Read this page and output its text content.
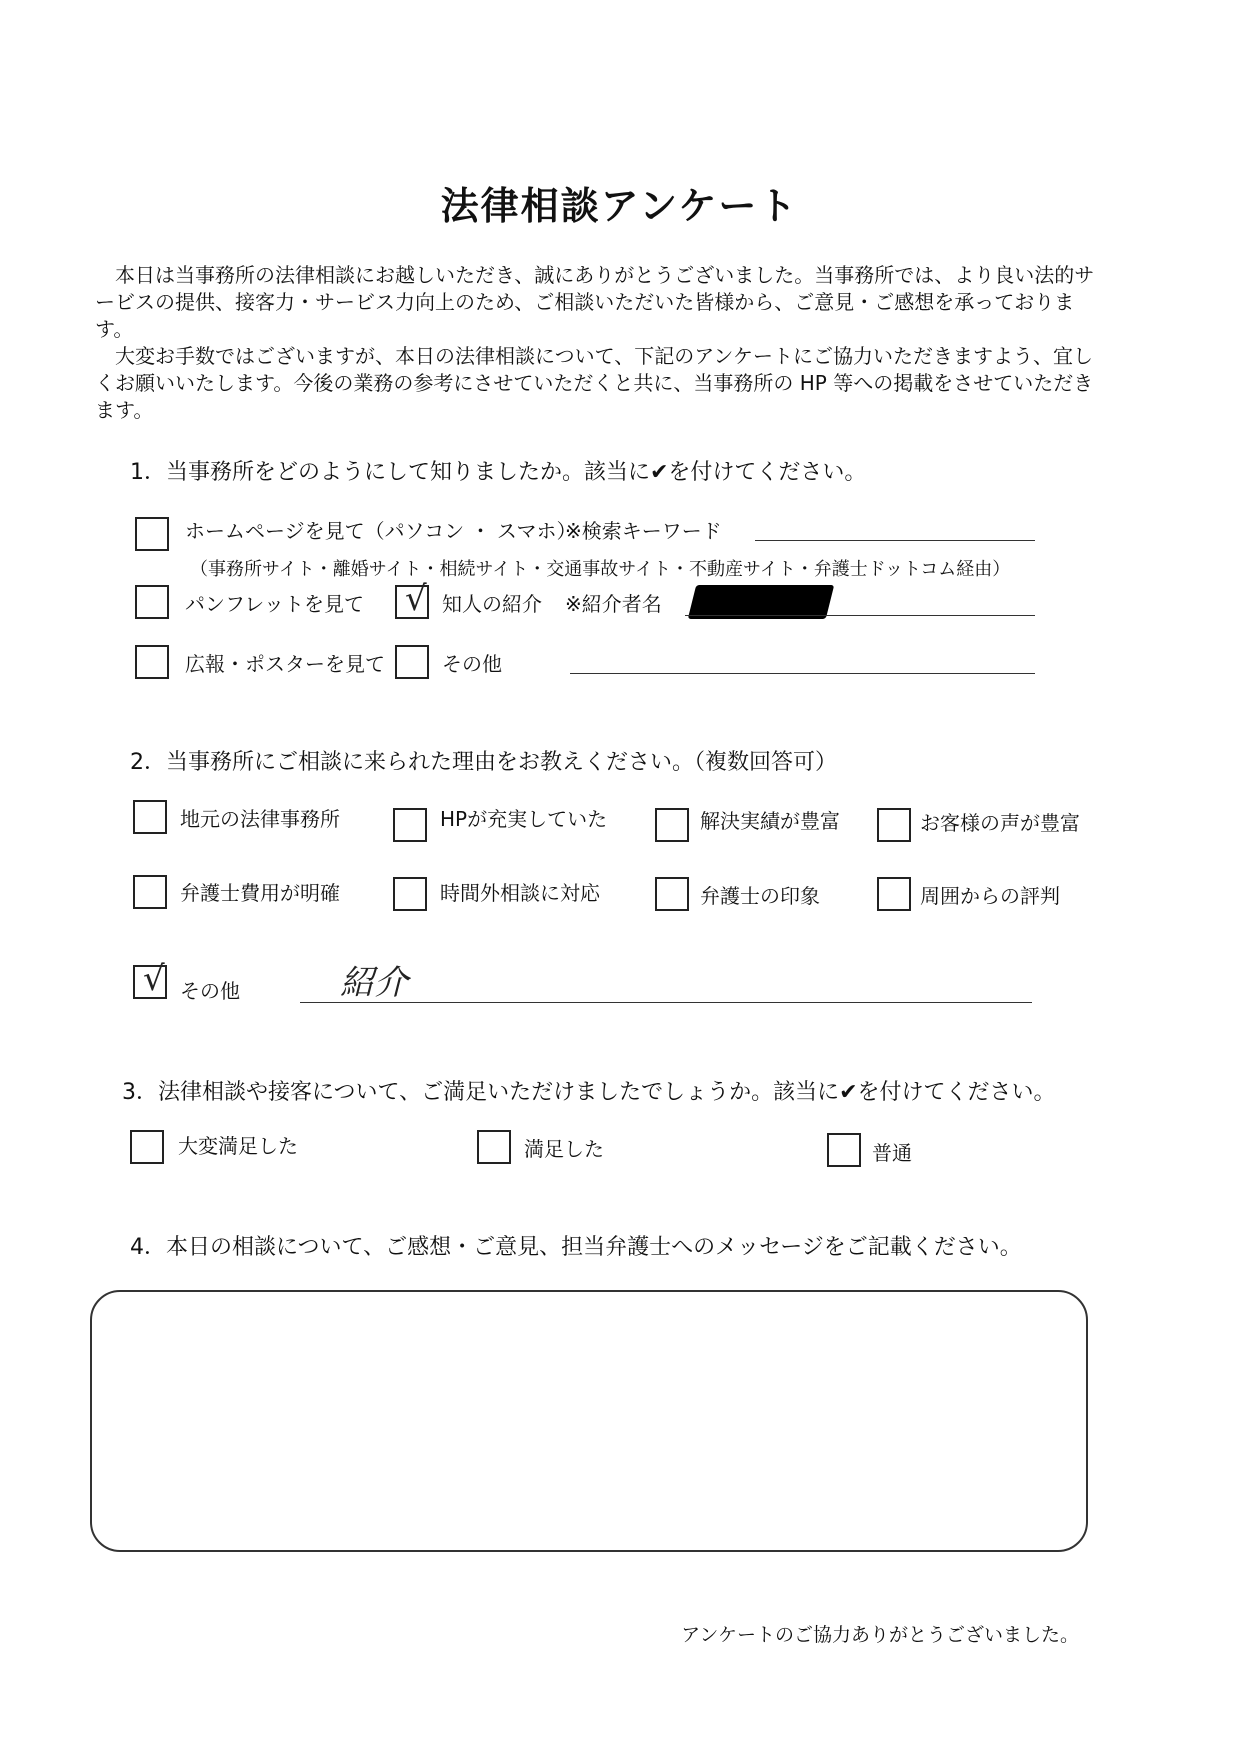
法律相談アンケート

本日は当事務所の法律相談にお越しいただき、誠にありがとうございました。当事務所では、より良い法的サービスの提供、接客力・サービス力向上のため、ご相談いただいた皆様から、ご意見・ご感想を承っております。

大変お手数ではございますが、本日の法律相談について、下記のアンケートにご協力いただきますよう、宜しくお願いいたします。今後の業務の参考にさせていただくと共に、当事務所の HP 等への掲載をさせていただきます。

1．当事務所をどのようにして知りましたか。該当に✔を付けてください。
ホームページを見て（パソコン ・ スマホ）
※検索キーワード
（事務所サイト・離婚サイト・相続サイト・交通事故サイト・不動産サイト・弁護士ドットコム経由）
パンフレットを見て √ 知人の紹介 ※紹介者名
広報・ポスターを見て	その他
2．当事務所にご相談に来られた理由をお教えください。（複数回答可）
地元の法律事務所	HPが充実していた	解決実績が豊富	お客様の声が豊富
弁護士費用が明確	時間外相談に対応	弁護士の印象	周囲からの評判
√ その他	紹介
3．法律相談や接客について、ご満足いただけましたでしょうか。該当に✔を付けてください。
大変満足した	満足した	普通
4．本日の相談について、ご感想・ご意見、担当弁護士へのメッセージをご記載ください。
アンケートのご協力ありがとうございました。
